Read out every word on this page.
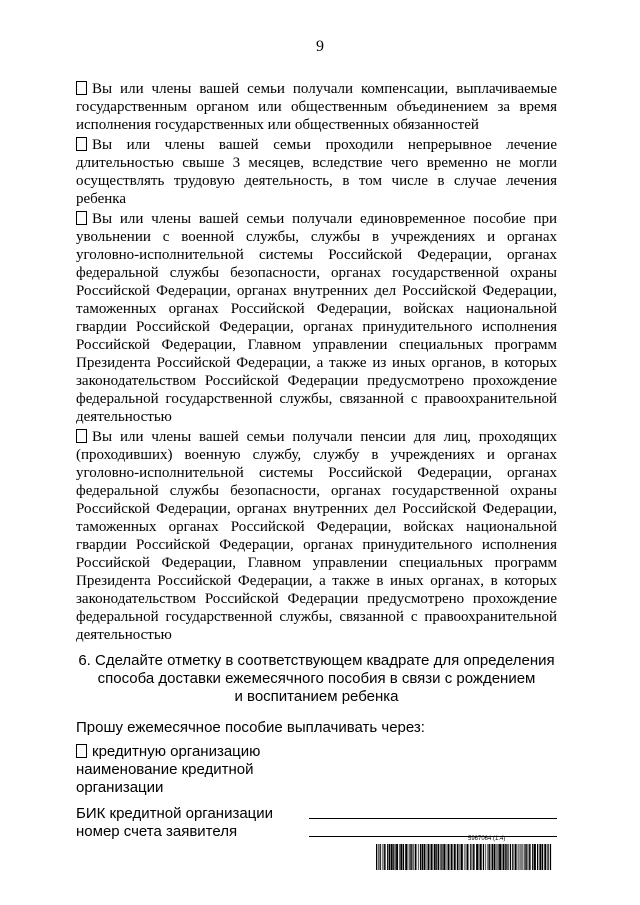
9

Вы или члены вашей семьи получали компенсации, выплачиваемые государственным органом или общественным объединением за время исполнения государственных или общественных обязанностей

Вы или члены вашей семьи проходили непрерывное лечение длительностью свыше 3 месяцев, вследствие чего временно не могли осуществлять трудовую деятельность, в том числе в случае лечения ребенка

Вы или члены вашей семьи получали единовременное пособие при увольнении с военной службы, службы в учреждениях и органах уголовно-исполнительной системы Российской Федерации, органах федеральной службы безопасности, органах государственной охраны Российской Федерации, органах внутренних дел Российской Федерации, таможенных органах Российской Федерации, войсках национальной гвардии Российской Федерации, органах принудительного исполнения Российской Федерации, Главном управлении специальных программ Президента Российской Федерации, а также из иных органов, в которых законодательством Российской Федерации предусмотрено прохождение федеральной государственной службы, связанной с правоохранительной деятельностью

Вы или члены вашей семьи получали пенсии для лиц, проходящих (проходивших) военную службу, службу в учреждениях и органах уголовно-исполнительной системы Российской Федерации, органах федеральной службы безопасности, органах государственной охраны Российской Федерации, органах внутренних дел Российской Федерации, таможенных органах Российской Федерации, войсках национальной гвардии Российской Федерации, органах принудительного исполнения Российской Федерации, Главном управлении специальных программ Президента Российской Федерации, а также в иных органах, в которых законодательством Российской Федерации предусмотрено прохождение федеральной государственной службы, связанной с правоохранительной деятельностью

6. Сделайте отметку в соответствующем квадрате для определения
способа доставки ежемесячного пособия в связи с рождением
и воспитанием ребенка
Прошу ежемесячное пособие выплачивать через:
кредитную организацию
наименование кредитной
организации
БИК кредитной организации
номер счета заявителя	5967064 (1.4)
